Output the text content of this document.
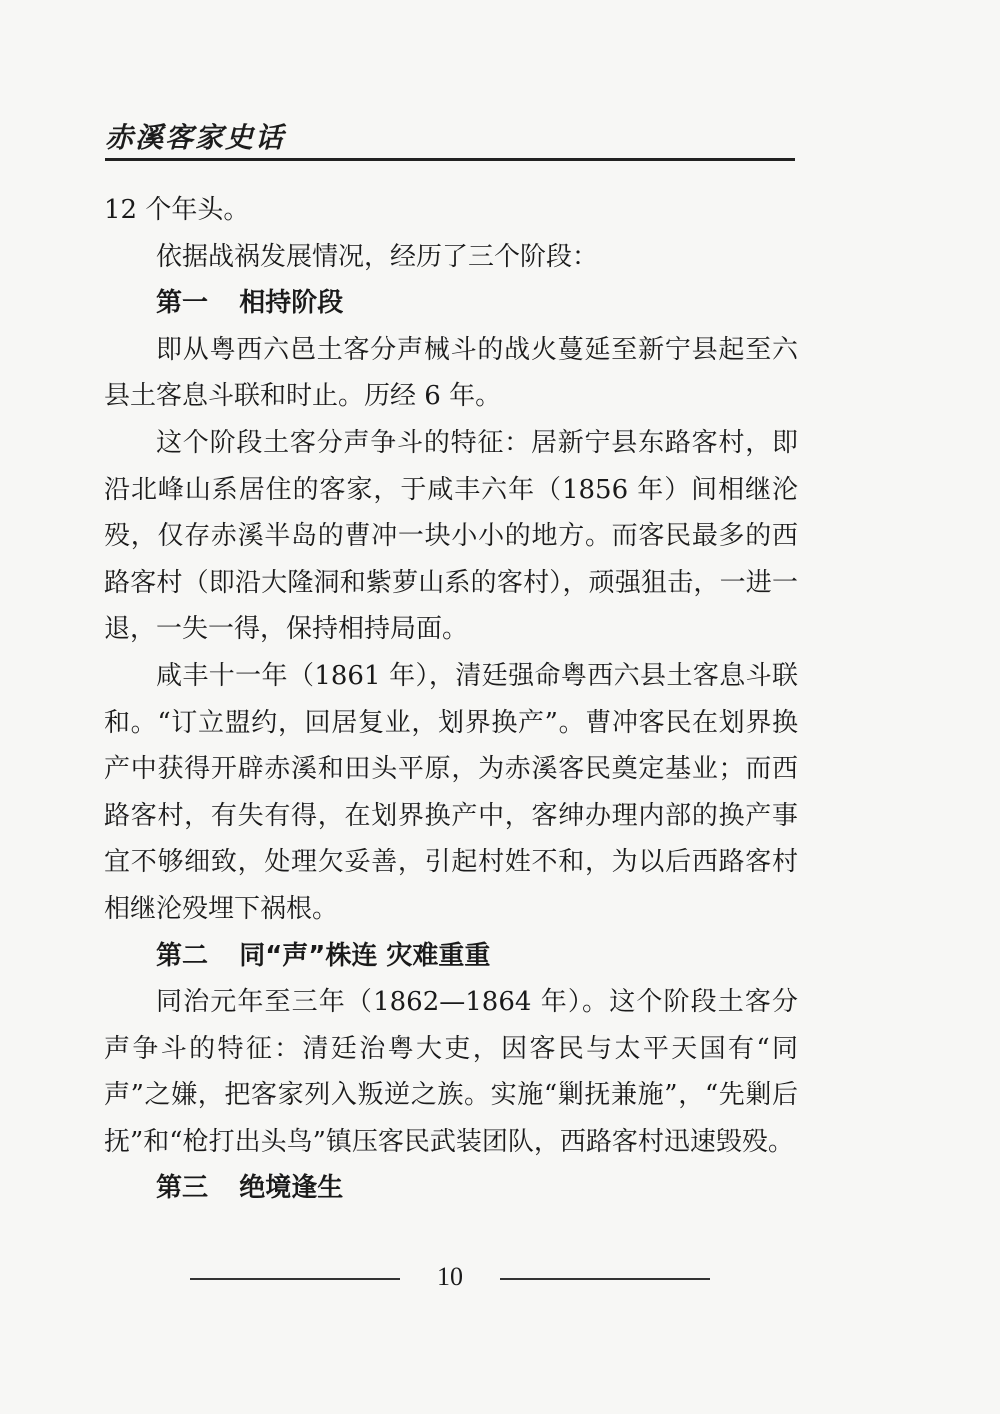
赤溪客家史话

12 个年头。

依据战祸发展情况，经历了三个阶段：

第一 相持阶段

即从粤西六邑土客分声械斗的战火蔓延至新宁县起至六县土客息斗联和时止。历经 6 年。

这个阶段土客分声争斗的特征：居新宁县东路客村，即沿北峰山系居住的客家，于咸丰六年（1856 年）间相继沦殁，仅存赤溪半岛的曹冲一块小小的地方。而客民最多的西路客村（即沿大隆洞和紫萝山系的客村），顽强狙击，一进一退，一失一得，保持相持局面。

咸丰十一年（1861 年），清廷强命粤西六县土客息斗联和。“订立盟约，回居复业，划界换产”。曹冲客民在划界换产中获得开辟赤溪和田头平原，为赤溪客民奠定基业；而西路客村，有失有得，在划界换产中，客绅办理内部的换产事宜不够细致，处理欠妥善，引起村姓不和，为以后西路客村相继沦殁埋下祸根。

第二 同“声”株连 灾难重重

同治元年至三年（1862—1864 年）。这个阶段土客分声争斗的特征：清廷治粤大吏，因客民与太平天国有“同声”之嫌，把客家列入叛逆之族。实施“剿抚兼施”，“先剿后抚”和“枪打出头鸟”镇压客民武装团队，西路客村迅速毁殁。

第三 绝境逢生

10
